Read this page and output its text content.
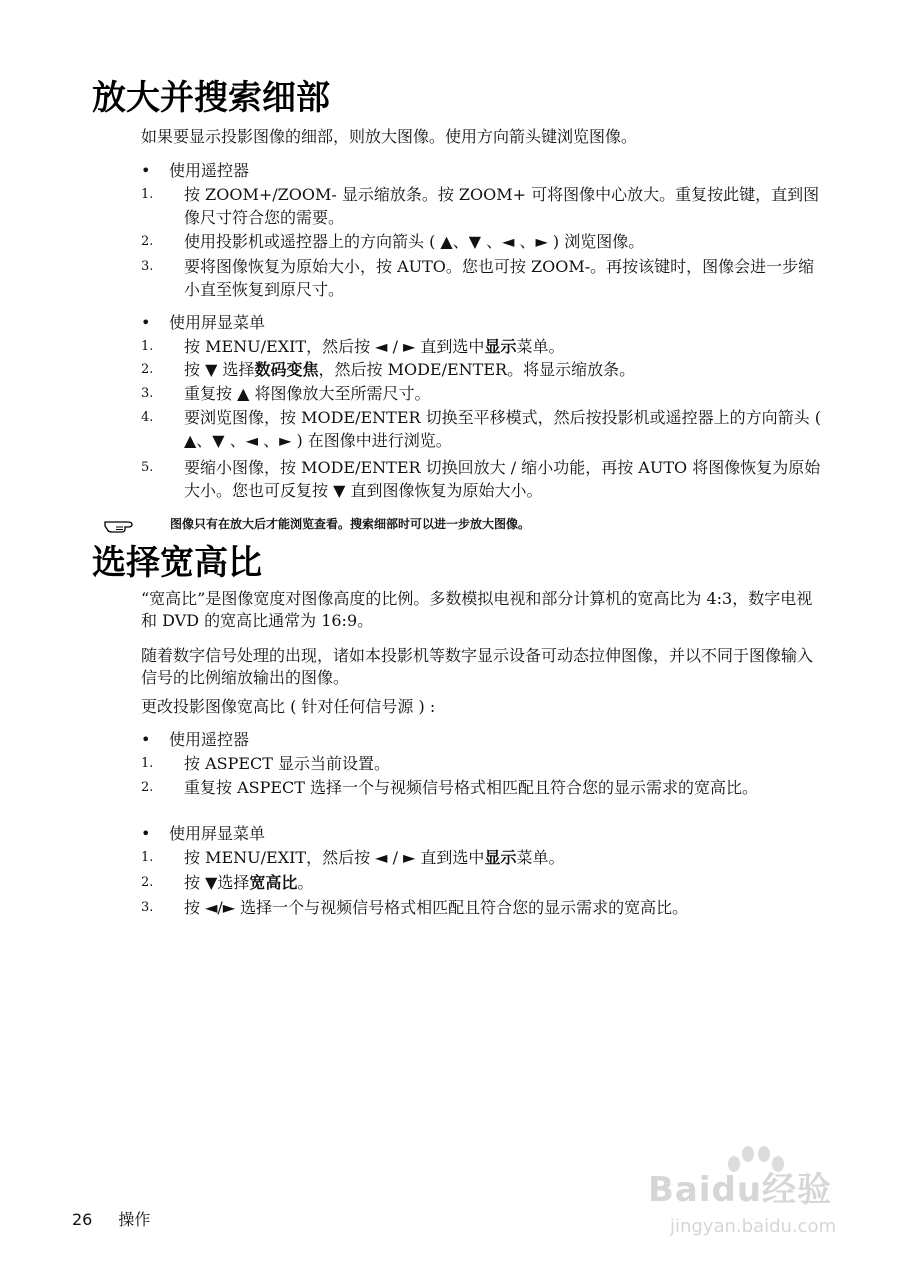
放大并搜索细部

如果要显示投影图像的细部，则放大图像。使用方向箭头键浏览图像。

• 使用遥控器
1.	按 ZOOM+/ZOOM- 显示缩放条。按 ZOOM+ 可将图像中心放大。重复按此键，直到图像尺寸符合您的需要。
2.	使用投影机或遥控器上的方向箭头 ( ▲、▼ 、◄ 、► ) 浏览图像。
3.	要将图像恢复为原始大小，按 AUTO。您也可按 ZOOM-。再按该键时，图像会进一步缩小直至恢复到原尺寸。
• 使用屏显菜单
1.	按 MENU/EXIT，然后按 ◄ / ► 直到选中显示菜单。
2.	按 ▼ 选择数码变焦，然后按 MODE/ENTER。将显示缩放条。
3.	重复按 ▲ 将图像放大至所需尺寸。
4.	要浏览图像，按 MODE/ENTER 切换至平移模式，然后按投影机或遥控器上的方向箭头 ( ▲、▼ 、◄ 、► ) 在图像中进行浏览。
5.	要缩小图像，按 MODE/ENTER 切换回放大 / 缩小功能，再按 AUTO 将图像恢复为原始大小。您也可反复按 ▼ 直到图像恢复为原始大小。
图像只有在放大后才能浏览查看。搜索细部时可以进一步放大图像。
选择宽高比

“宽高比”是图像宽度对图像高度的比例。多数模拟电视和部分计算机的宽高比为 4:3，数字电视和 DVD 的宽高比通常为 16:9。

随着数字信号处理的出现，诸如本投影机等数字显示设备可动态拉伸图像，并以不同于图像输入信号的比例缩放输出的图像。

更改投影图像宽高比 ( 针对任何信号源 ) :

• 使用遥控器
1.	按 ASPECT 显示当前设置。
2.	重复按 ASPECT 选择一个与视频信号格式相匹配且符合您的显示需求的宽高比。
• 使用屏显菜单
1.	按 MENU/EXIT，然后按 ◄ / ► 直到选中显示菜单。
2.	按 ▼选择宽高比。
3.	按 ◄/► 选择一个与视频信号格式相匹配且符合您的显示需求的宽高比。
26 操作
Baidu经验
jingyan.baidu.com
